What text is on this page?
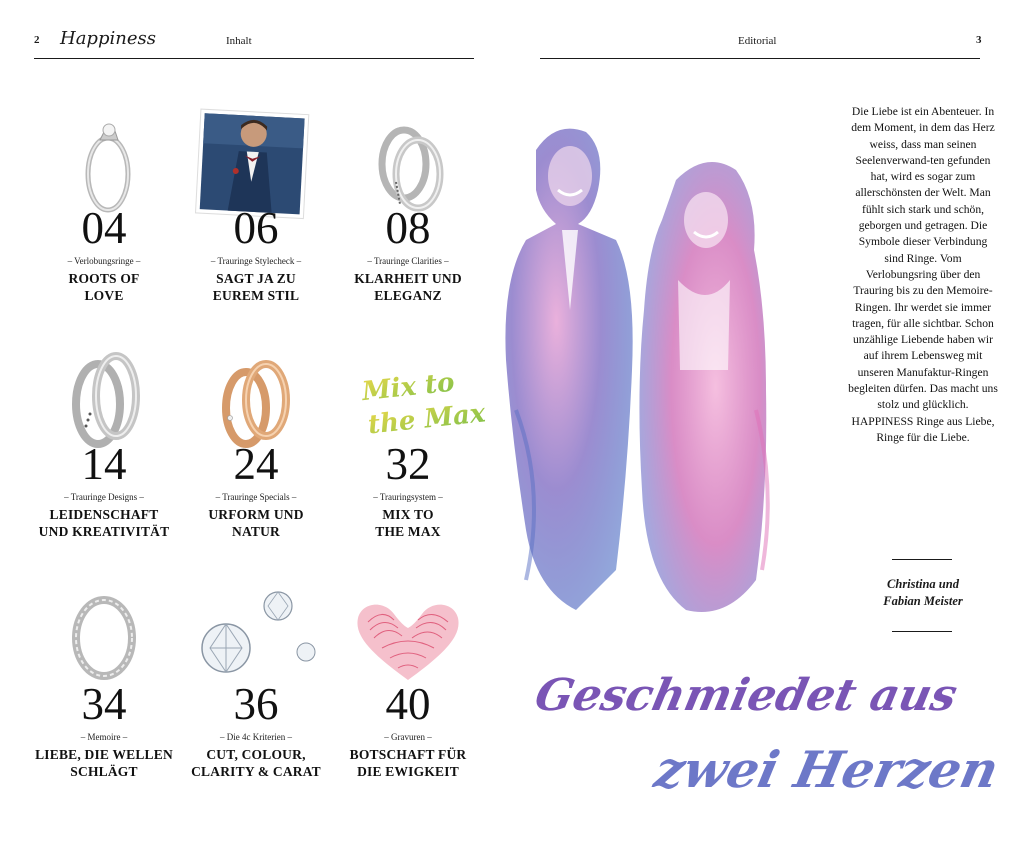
2 Happiness	Inhalt
04
– Verlobungsringe –
ROOTS OF
LOVE
06
– Trauringe Stylecheck –
SAGT JA ZU
EUREM STIL
08
– Trauringe Clarities –
KLARHEIT UND
ELEGANZ
14
– Trauringe Designs –
LEIDENSCHAFT
UND KREATIVITÄT
24
– Trauringe Specials –
URFORM UND
NATUR
Mix to
the Max
32
– Trauringsystem –
MIX TO
THE MAX
34
– Memoire –
LIEBE, DIE WELLEN
SCHLÄGT
36
– Die 4c Kriterien –
CUT, COLOUR,
CLARITY & CARAT
40
– Gravuren –
BOTSCHAFT FÜR
DIE EWIGKEIT
Editorial	3
Die Liebe ist ein Abenteuer. In dem Moment, in dem das Herz weiss, dass man seinen Seelenverwand-ten gefunden hat, wird es sogar zum allerschönsten der Welt. Man fühlt sich stark und schön, geborgen und getragen. Die Symbole dieser Verbindung sind Ringe. Vom Verlobungsring über den Trauring bis zu den Memoire-Ringen. Ihr werdet sie immer tragen, für alle sichtbar. Schon unzählige Liebende haben wir auf ihrem Lebensweg mit unseren Manufaktur-Ringen begleiten dürfen. Das macht uns stolz und glücklich. HAPPINESS Ringe aus Liebe, Ringe für die Liebe.
Christina und
Fabian Meister
Geschmiedet aus
zwei Herzen
